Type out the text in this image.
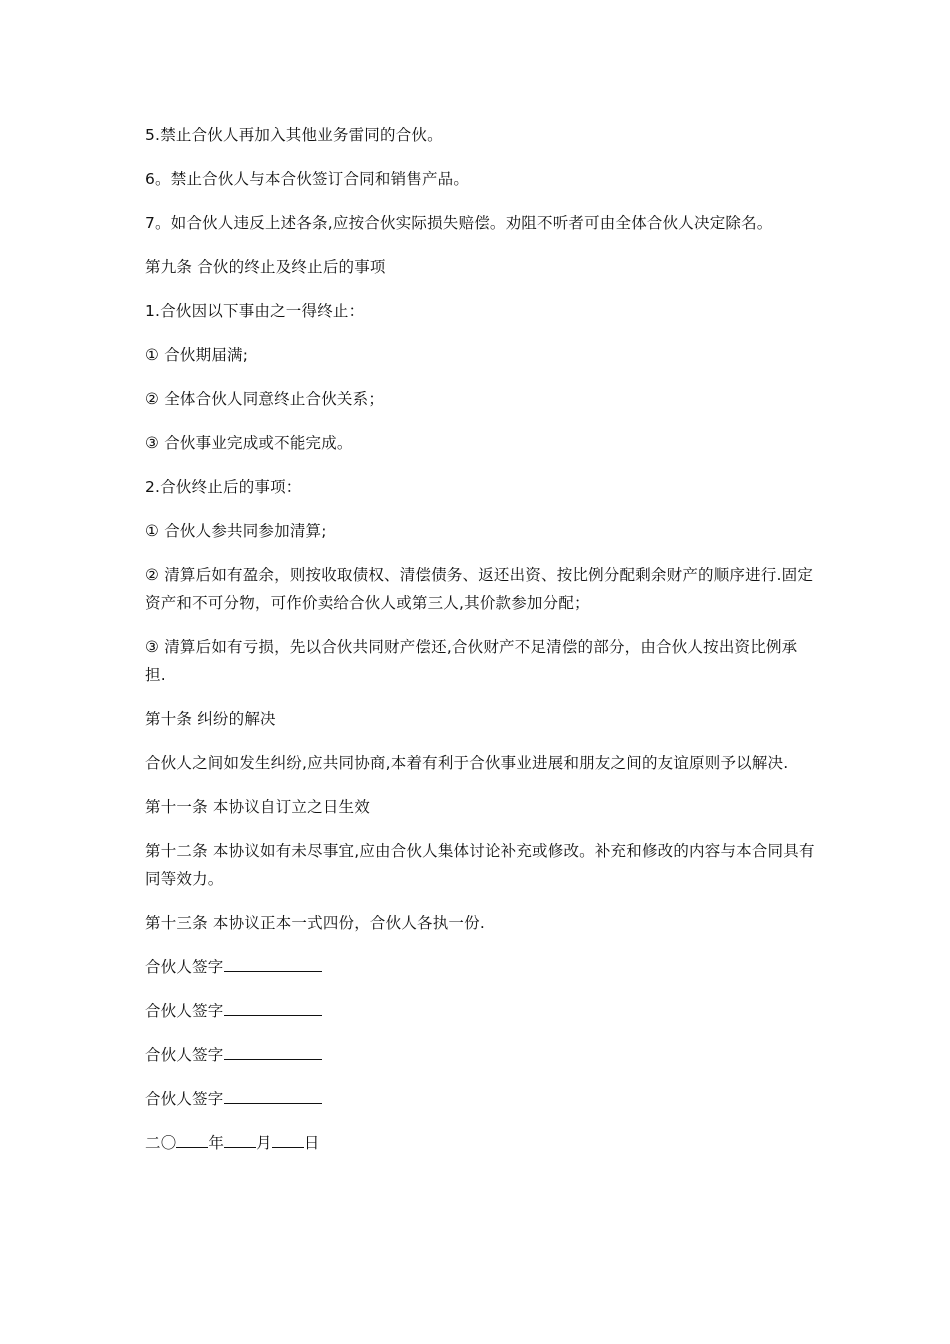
5.禁止合伙人再加入其他业务雷同的合伙。

6。禁止合伙人与本合伙签订合同和销售产品。

7。如合伙人违反上述各条,应按合伙实际损失赔偿。劝阻不听者可由全体合伙人决定除名。

第九条 合伙的终止及终止后的事项

1.合伙因以下事由之一得终止：

① 合伙期届满;

② 全体合伙人同意终止合伙关系；

③ 合伙事业完成或不能完成。

2.合伙终止后的事项：

① 合伙人参共同参加清算;

② 清算后如有盈余，则按收取债权、清偿债务、返还出资、按比例分配剩余财产的顺序进行.固定资产和不可分物，可作价卖给合伙人或第三人,其价款参加分配；

③ 清算后如有亏损，先以合伙共同财产偿还,合伙财产不足清偿的部分，由合伙人按出资比例承担.

第十条 纠纷的解决

合伙人之间如发生纠纷,应共同协商,本着有利于合伙事业进展和朋友之间的友谊原则予以解决.

第十一条 本协议自订立之日生效

第十二条 本协议如有未尽事宜,应由合伙人集体讨论补充或修改。补充和修改的内容与本合同具有同等效力。

第十三条 本协议正本一式四份，合伙人各执一份.

合伙人签字

合伙人签字

合伙人签字

合伙人签字

二〇 年 月 日
